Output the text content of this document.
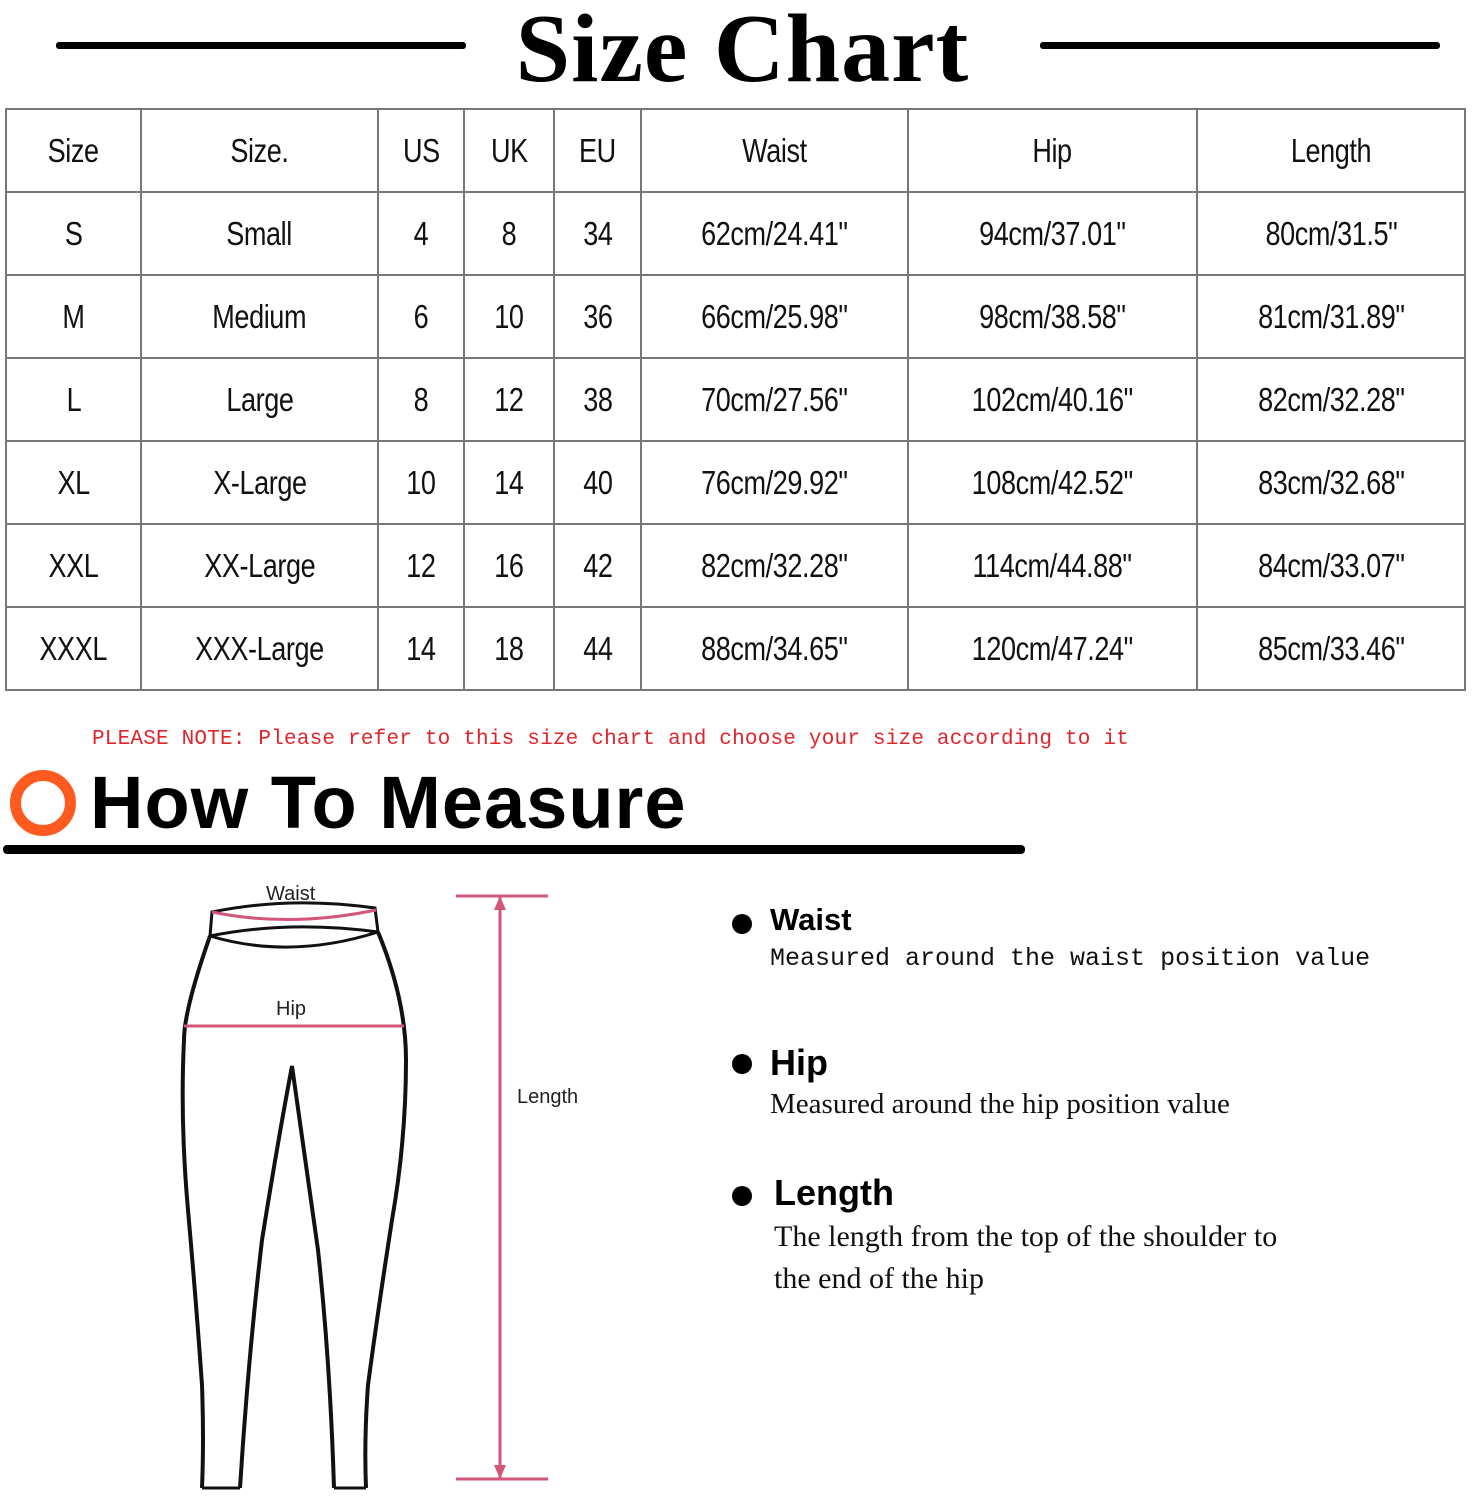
Size Chart
Size	Size.	US	UK	EU	Waist	Hip	Length
S	Small	4	8	34	62cm/24.41"	94cm/37.01"	80cm/31.5"
M	Medium	6	10	36	66cm/25.98"	98cm/38.58"	81cm/31.89"
L	Large	8	12	38	70cm/27.56"	102cm/40.16"	82cm/32.28"
XL	X-Large	10	14	40	76cm/29.92"	108cm/42.52"	83cm/32.68"
XXL	XX-Large	12	16	42	82cm/32.28"	114cm/44.88"	84cm/33.07"
XXXL	XXX-Large	14	18	44	88cm/34.65"	120cm/47.24"	85cm/33.46"
PLEASE NOTE: Please refer to this size chart and choose your size according to it
How To Measure
Waist
Hip
Length
Waist
Measured around the waist position value
Hip
Measured around the hip position value
Length
The length from the top of the shoulder to
the end of the hip
